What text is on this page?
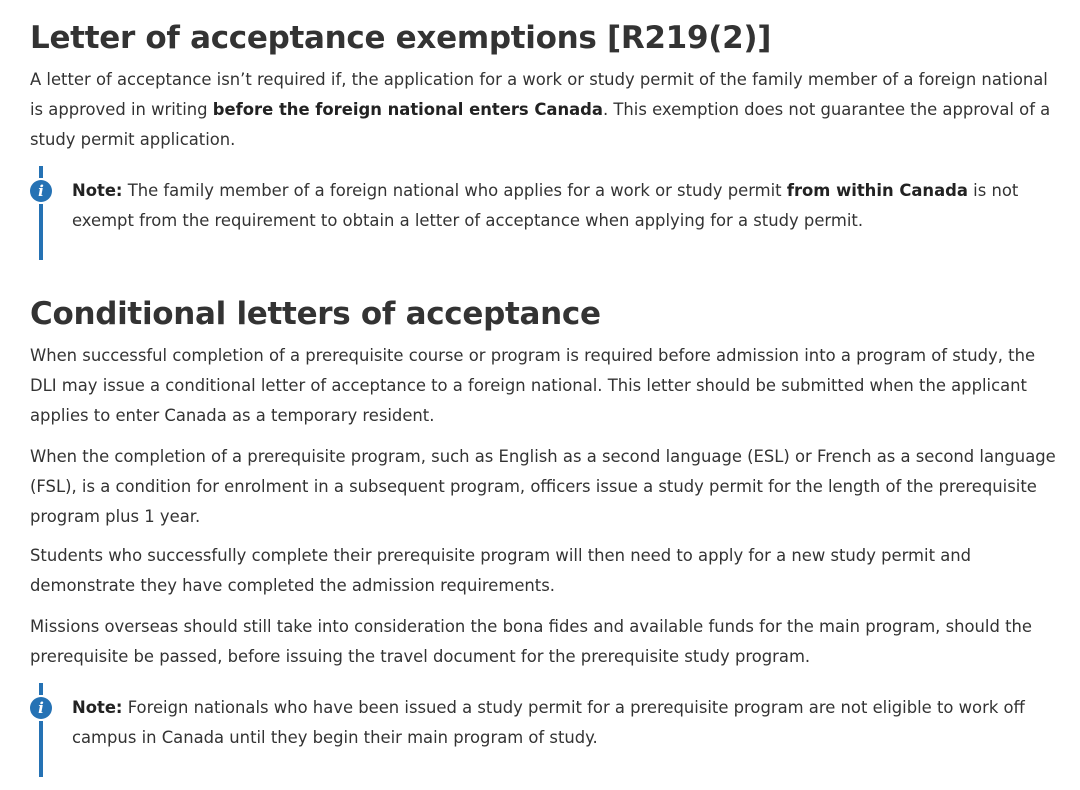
Letter of acceptance exemptions [R219(2)]

A letter of acceptance isn’t required if, the application for a work or study permit of the family member of a foreign national is approved in writing before the foreign national enters Canada. This exemption does not guarantee the approval of a study permit application.

i	Note: The family member of a foreign national who applies for a work or study permit from within Canada is not exempt from the requirement to obtain a letter of acceptance when applying for a study permit.
Conditional letters of acceptance

When successful completion of a prerequisite course or program is required before admission into a program of study, the DLI may issue a conditional letter of acceptance to a foreign national. This letter should be submitted when the applicant applies to enter Canada as a temporary resident.

When the completion of a prerequisite program, such as English as a second language (ESL) or French as a second language (FSL), is a condition for enrolment in a subsequent program, officers issue a study permit for the length of the prerequisite program plus 1 year.

Students who successfully complete their prerequisite program will then need to apply for a new study permit and demonstrate they have completed the admission requirements.

Missions overseas should still take into consideration the bona fides and available funds for the main program, should the prerequisite be passed, before issuing the travel document for the prerequisite study program.

i	Note: Foreign nationals who have been issued a study permit for a prerequisite program are not eligible to work off campus in Canada until they begin their main program of study.
